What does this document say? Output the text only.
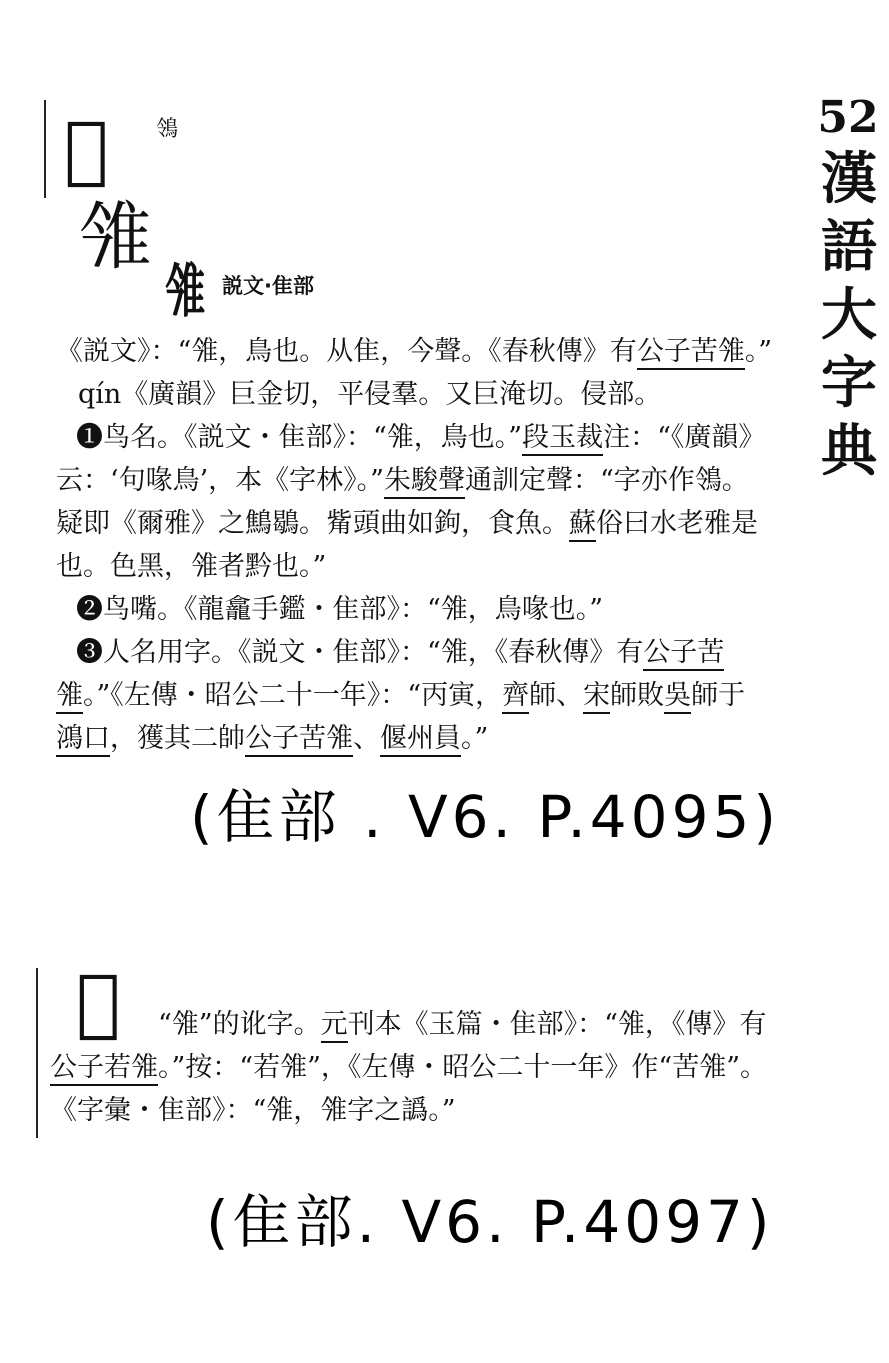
52
漢
語
大
字
典
𱿈 鴒
雂
雂 説文·隹部
《説文》：“雂，鳥也。从隹，今聲。《春秋傳》有公子苦雂。”
qín《廣韻》巨金切，平侵羣。又巨淹切。侵部。
❶鸟名。《説文・隹部》：“雂，鳥也。”段玉裁注：“《廣韻》
云：‘句喙鳥’，本《字林》。”朱駿聲通訓定聲：“字亦作鴒。
疑即《爾雅》之鷦鶡。觜頭曲如鉤，食魚。蘇俗曰水老雅是
也。色黑，雂者黔也。”
❷鸟嘴。《龍龕手鑑・隹部》：“雂，鳥喙也。”
❸人名用字。《説文・隹部》：“雂，《春秋傳》有公子苦
雂。”《左傳・昭公二十一年》：“丙寅，齊師、宋師敗吳師于
鴻口，獲其二帥公子苦雂、偃州員。”
(隹部 . V6. P.4095)
𱿉 “雂”的讹字。元刊本《玉篇・隹部》：“雂，《傳》有
公子若雂。”按：“若雂”，《左傳・昭公二十一年》作“苦雂”。
《字彙・隹部》：“雂，雂字之譌。”
(隹部. V6. P.4097)
